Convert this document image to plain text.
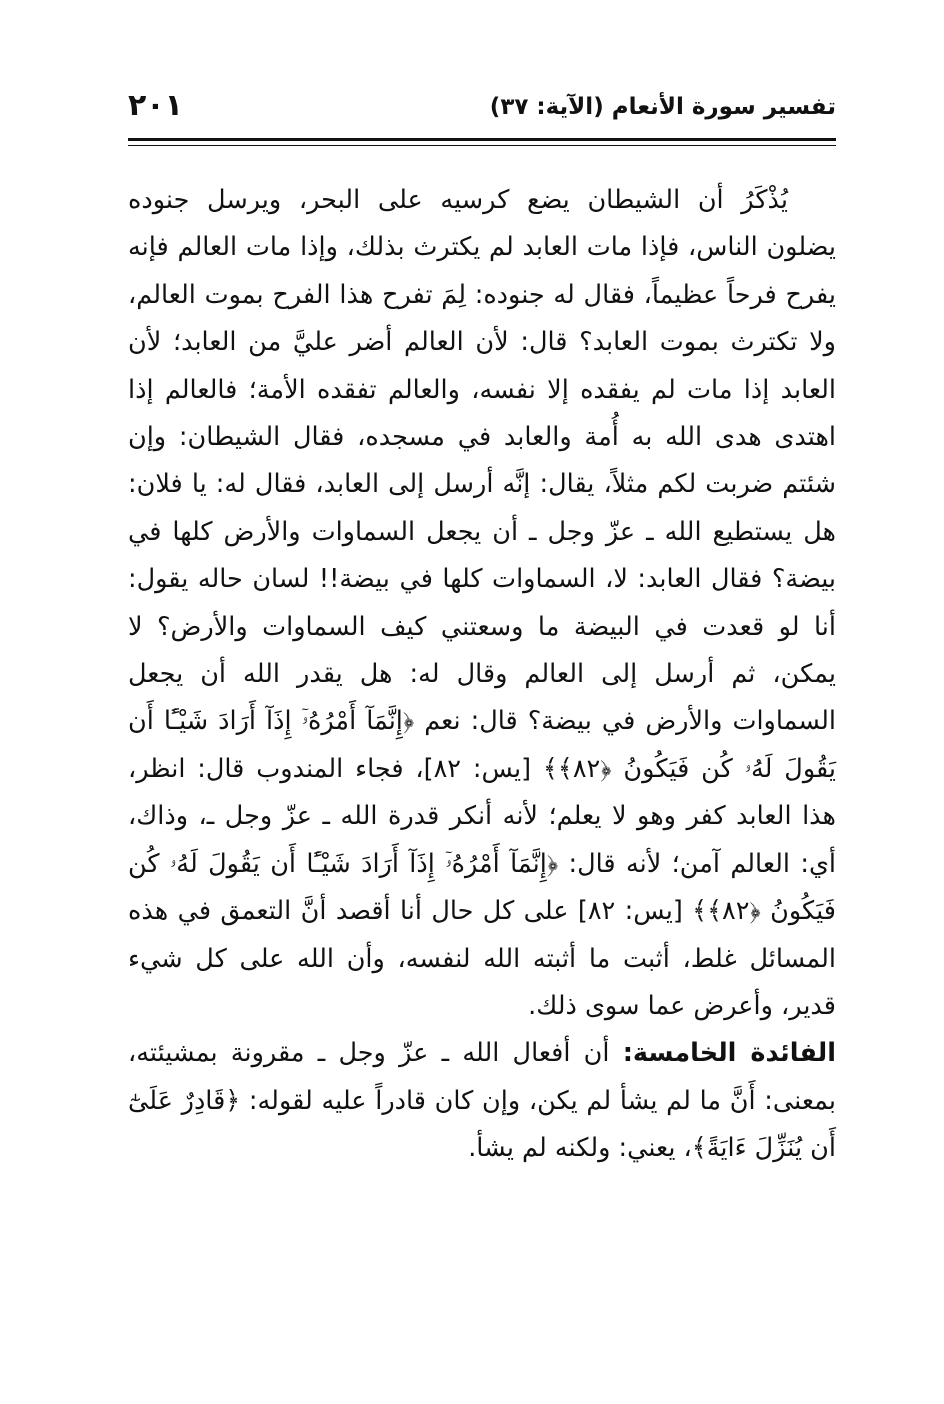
تفسير سورة الأنعام (الآية: ٣٧)
٢٠١

يُذْكَرُ أن الشيطان يضع كرسيه على البحر، ويرسل جنوده يضلون الناس، فإذا مات العابد لم يكترث بذلك، وإذا مات العالم فإنه يفرح فرحاً عظيماً، فقال له جنوده: لِمَ تفرح هذا الفرح بموت العالم، ولا تكترث بموت العابد؟ قال: لأن العالم أضر عليَّ من العابد؛ لأن العابد إذا مات لم يفقده إلا نفسه، والعالم تفقده الأمة؛ فالعالم إذا اهتدى هدى الله به أُمة والعابد في مسجده، فقال الشيطان: وإن شئتم ضربت لكم مثلاً، يقال: إنَّه أرسل إلى العابد، فقال له: يا فلان: هل يستطيع الله ـ عزّ وجل ـ أن يجعل السماوات والأرض كلها في بيضة؟ فقال العابد: لا، السماوات كلها في بيضة!! لسان حاله يقول: أنا لو قعدت في البيضة ما وسعتني كيف السماوات والأرض؟ لا يمكن، ثم أرسل إلى العالم وقال له: هل يقدر الله أن يجعل السماوات والأرض في بيضة؟ قال: نعم ﴿إِنَّمَآ أَمْرُهُۥٓ إِذَآ أَرَادَ شَيْـًٔا أَن يَقُولَ لَهُۥ كُن فَيَكُونُ ﴿٨٢﴾﴾ [يس: ٨٢]، فجاء المندوب قال: انظر، هذا العابد كفر وهو لا يعلم؛ لأنه أنكر قدرة الله ـ عزّ وجل ـ، وذاك، أي: العالم آمن؛ لأنه قال: ﴿إِنَّمَآ أَمْرُهُۥٓ إِذَآ أَرَادَ شَيْـًٔا أَن يَقُولَ لَهُۥ كُن فَيَكُونُ ﴿٨٢﴾﴾ [يس: ٨٢] على كل حال أنا أقصد أنَّ التعمق في هذه المسائل غلط، أثبت ما أثبته الله لنفسه، وأن الله على كل شيء قدير، وأعرض عما سوى ذلك.

الفائدة الخامسة: أن أفعال الله ـ عزّ وجل ـ مقرونة بمشيئته، بمعنى: أَنَّ ما لم يشأ لم يكن، وإن كان قادراً عليه لقوله: ﴿قَادِرٌ عَلَىٰٓ أَن يُنَزِّلَ ءَايَةً﴾، يعني: ولكنه لم يشأ.
